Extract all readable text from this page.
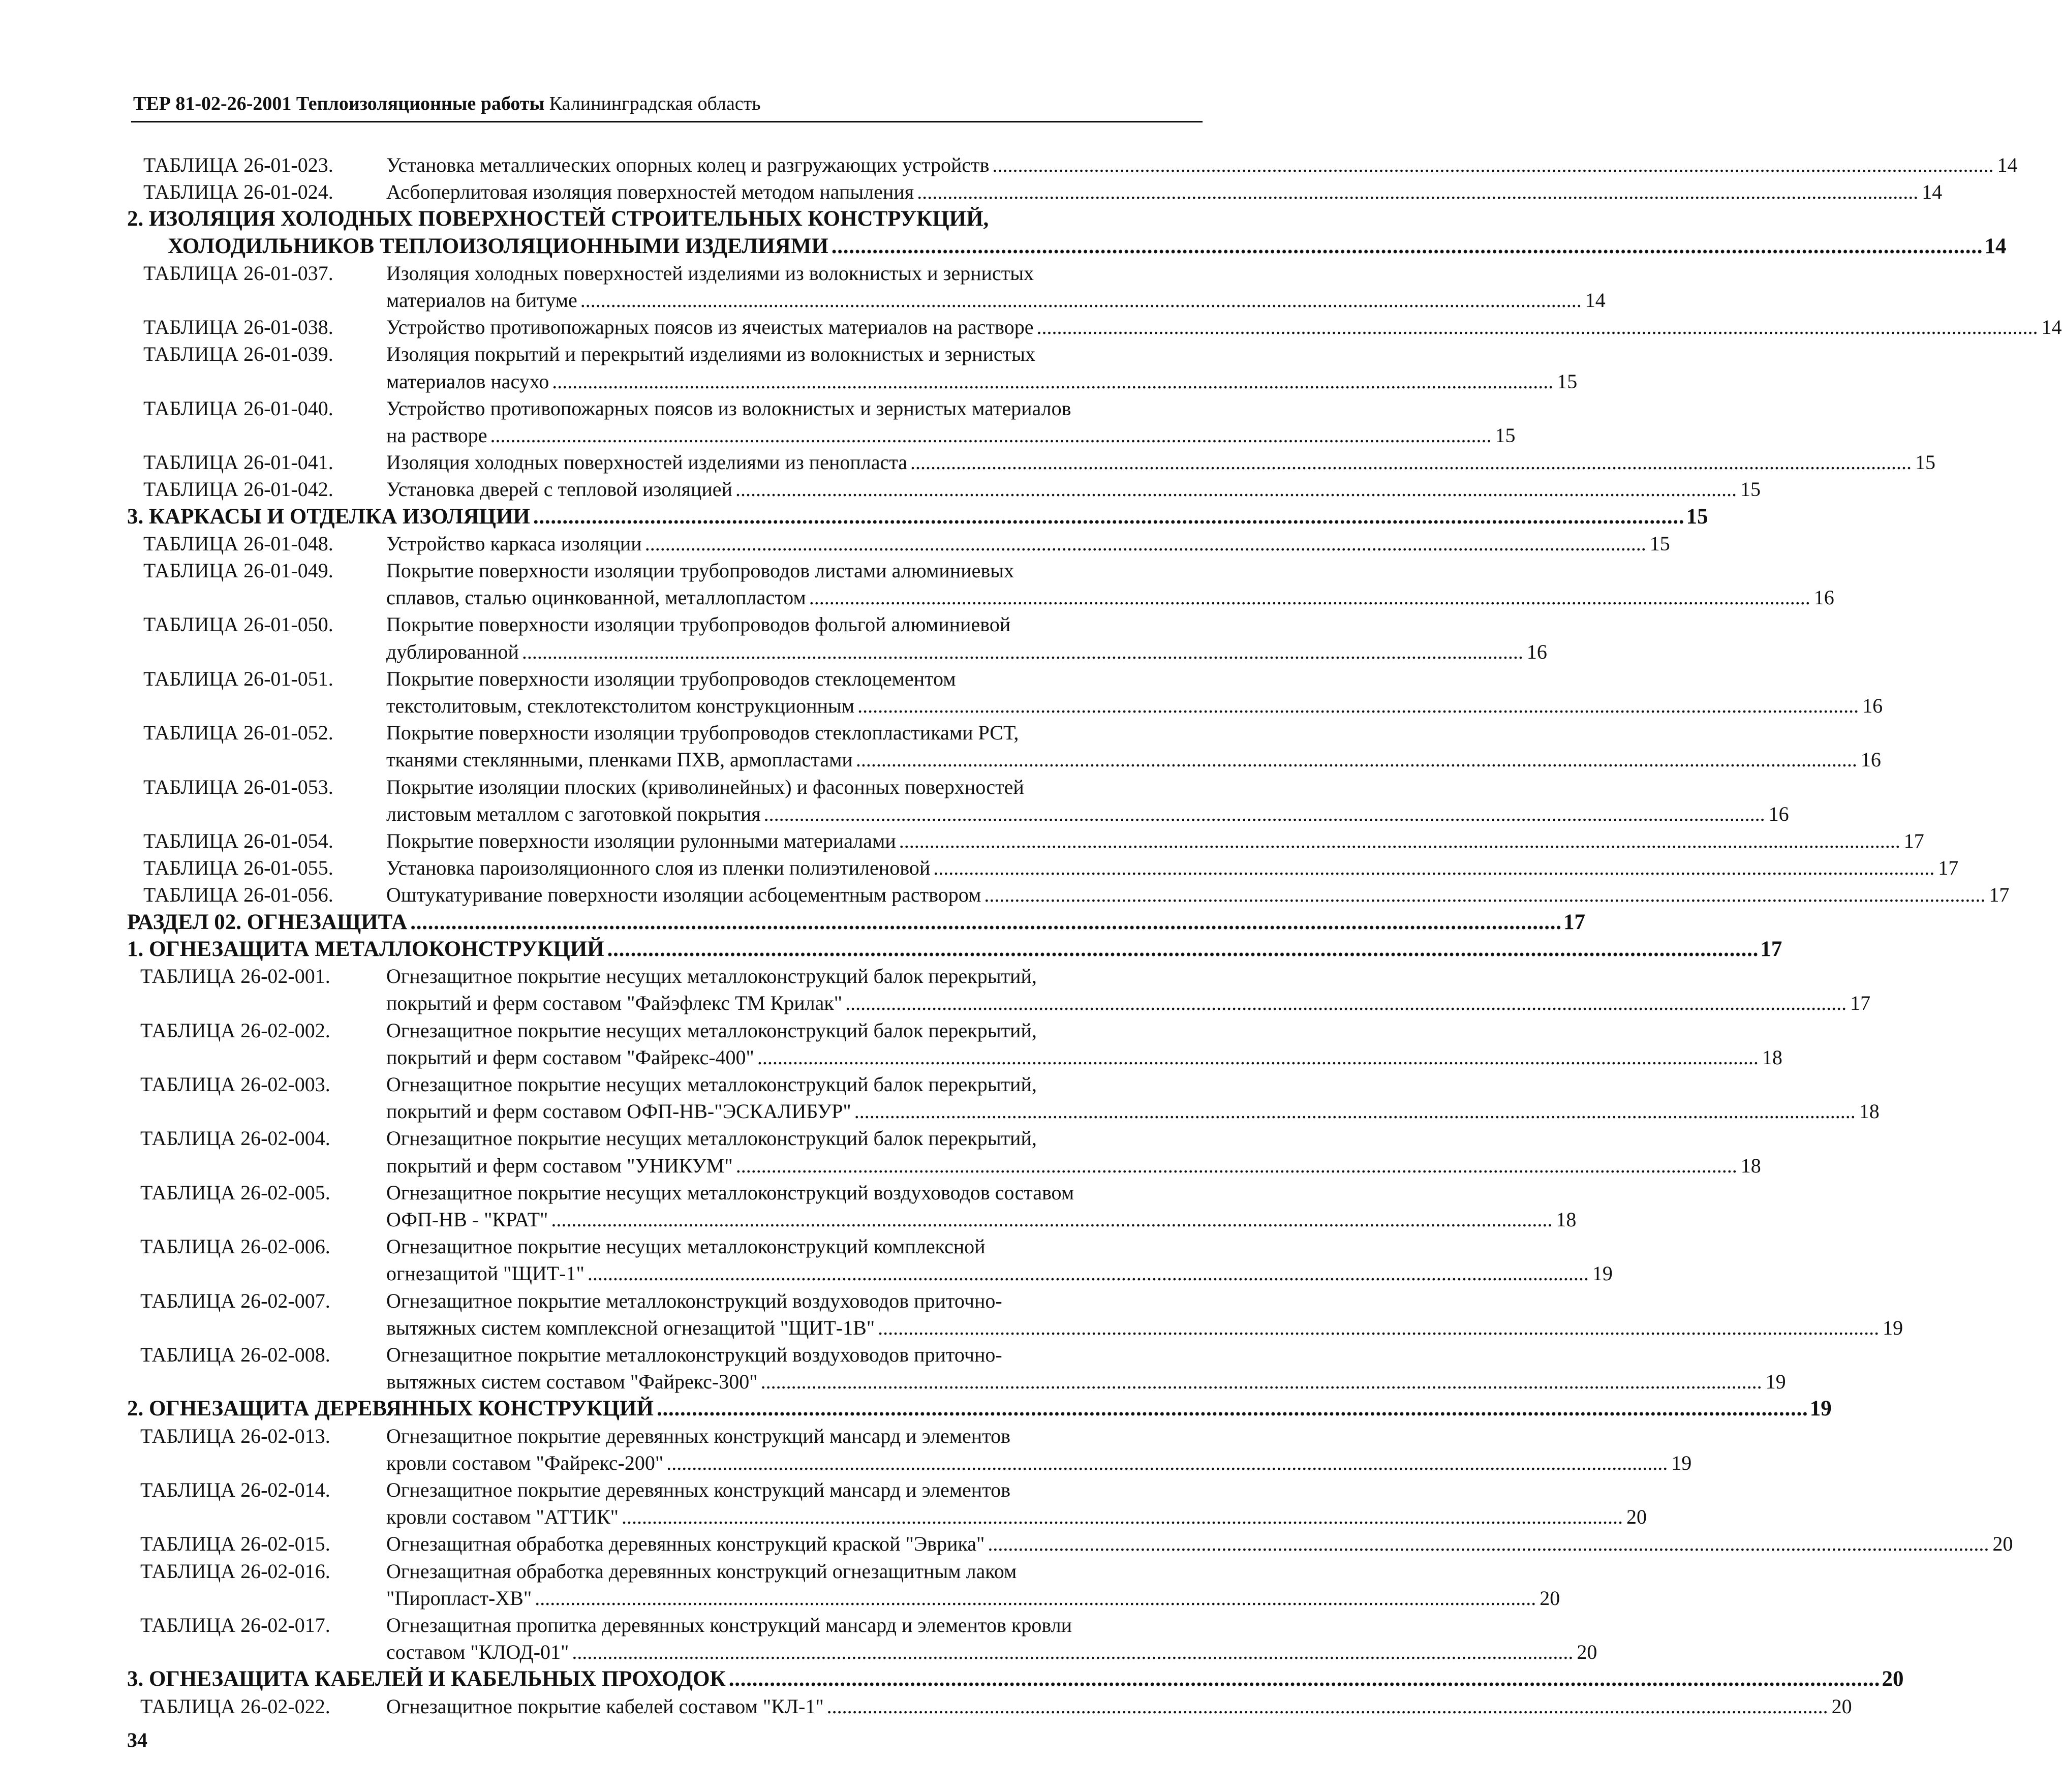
ТЕР 81-02-26-2001 Теплоизоляционные работы Калининградская область
ТАБЛИЦА 26-01-023.	Установка металлических опорных колец и разгружающих устройств . . .	14
ТАБЛИЦА 26-01-024.	Асбоперлитовая изоляция поверхностей методом напыления . . .	14
2. ИЗОЛЯЦИЯ ХОЛОДНЫХ ПОВЕРХНОСТЕЙ СТРОИТЕЛЬНЫХ КОНСТРУКЦИЙ,
ХОЛОДИЛЬНИКОВ ТЕПЛОИЗОЛЯЦИОННЫМИ ИЗДЕЛИЯМИ . . .	14
ТАБЛИЦА 26-01-037.	Изоляция холодных поверхностей изделиями из волокнистых и зернистых
материалов на битуме . . .	14
ТАБЛИЦА 26-01-038.	Устройство противопожарных поясов из ячеистых материалов на растворе . . .	14
ТАБЛИЦА 26-01-039.	Изоляция покрытий и перекрытий изделиями из волокнистых и зернистых
материалов насухо . . .	15
ТАБЛИЦА 26-01-040.	Устройство противопожарных поясов из волокнистых и зернистых материалов
на растворе . . .	15
ТАБЛИЦА 26-01-041.	Изоляция холодных поверхностей изделиями из пенопласта . . .	15
ТАБЛИЦА 26-01-042.	Установка дверей с тепловой изоляцией . . .	15
3. КАРКАСЫ И ОТДЕЛКА ИЗОЛЯЦИИ . . .	15
ТАБЛИЦА 26-01-048.	Устройство каркаса изоляции . . .	15
ТАБЛИЦА 26-01-049.	Покрытие поверхности изоляции трубопроводов листами алюминиевых
сплавов, сталью оцинкованной, металлопластом . . .	16
ТАБЛИЦА 26-01-050.	Покрытие поверхности изоляции трубопроводов фольгой алюминиевой
дублированной . . .	16
ТАБЛИЦА 26-01-051.	Покрытие поверхности изоляции трубопроводов стеклоцементом
текстолитовым, стеклотекстолитом конструкционным . . .	16
ТАБЛИЦА 26-01-052.	Покрытие поверхности изоляции трубопроводов стеклопластиками РСТ,
тканями стеклянными, пленками ПХВ, армопластами . . .	16
ТАБЛИЦА 26-01-053.	Покрытие изоляции плоских (криволинейных) и фасонных поверхностей
листовым металлом с заготовкой покрытия . . .	16
ТАБЛИЦА 26-01-054.	Покрытие поверхности изоляции рулонными материалами . . .	17
ТАБЛИЦА 26-01-055.	Установка пароизоляционного слоя из пленки полиэтиленовой . . .	17
ТАБЛИЦА 26-01-056.	Оштукатуривание поверхности изоляции асбоцементным раствором . . .	17
РАЗДЕЛ 02. ОГНЕЗАЩИТА . . .	17
1. ОГНЕЗАЩИТА МЕТАЛЛОКОНСТРУКЦИЙ . . .	17
ТАБЛИЦА 26-02-001.	Огнезащитное покрытие несущих металлоконструкций балок перекрытий,
покрытий и ферм составом "Файэфлекс ТМ Крилак" . . .	17
ТАБЛИЦА 26-02-002.	Огнезащитное покрытие несущих металлоконструкций балок перекрытий,
покрытий и ферм составом "Файрекс-400" . . .	18
ТАБЛИЦА 26-02-003.	Огнезащитное покрытие несущих металлоконструкций балок перекрытий,
покрытий и ферм составом ОФП-НВ-"ЭСКАЛИБУР" . . .	18
ТАБЛИЦА 26-02-004.	Огнезащитное покрытие несущих металлоконструкций балок перекрытий,
покрытий и ферм составом "УНИКУМ" . . .	18
ТАБЛИЦА 26-02-005.	Огнезащитное покрытие несущих металлоконструкций воздуховодов составом
ОФП-НВ - "КРАТ" . . .	18
ТАБЛИЦА 26-02-006.	Огнезащитное покрытие несущих металлоконструкций комплексной
огнезащитой "ЩИТ-1" . . .	19
ТАБЛИЦА 26-02-007.	Огнезащитное покрытие металлоконструкций воздуховодов приточно-
вытяжных систем комплексной огнезащитой "ЩИТ-1В" . . .	19
ТАБЛИЦА 26-02-008.	Огнезащитное покрытие металлоконструкций воздуховодов приточно-
вытяжных систем составом "Файрекс-300" . . .	19
2. ОГНЕЗАЩИТА ДЕРЕВЯННЫХ КОНСТРУКЦИЙ . . .	19
ТАБЛИЦА 26-02-013.	Огнезащитное покрытие деревянных конструкций мансард и элементов
кровли составом "Файрекс-200" . . .	19
ТАБЛИЦА 26-02-014.	Огнезащитное покрытие деревянных конструкций мансард и элементов
кровли составом "АТТИК" . . .	20
ТАБЛИЦА 26-02-015.	Огнезащитная обработка деревянных конструкций краской "Эврика" . . .	20
ТАБЛИЦА 26-02-016.	Огнезащитная обработка деревянных конструкций огнезащитным лаком
"Пиропласт-ХВ" . . .	20
ТАБЛИЦА 26-02-017.	Огнезащитная пропитка деревянных конструкций мансард и элементов кровли
составом "КЛОД-01" . . .	20
3. ОГНЕЗАЩИТА КАБЕЛЕЙ И КАБЕЛЬНЫХ ПРОХОДОК . . .	20
ТАБЛИЦА 26-02-022.	Огнезащитное покрытие кабелей составом "КЛ-1" . . .	20
34
